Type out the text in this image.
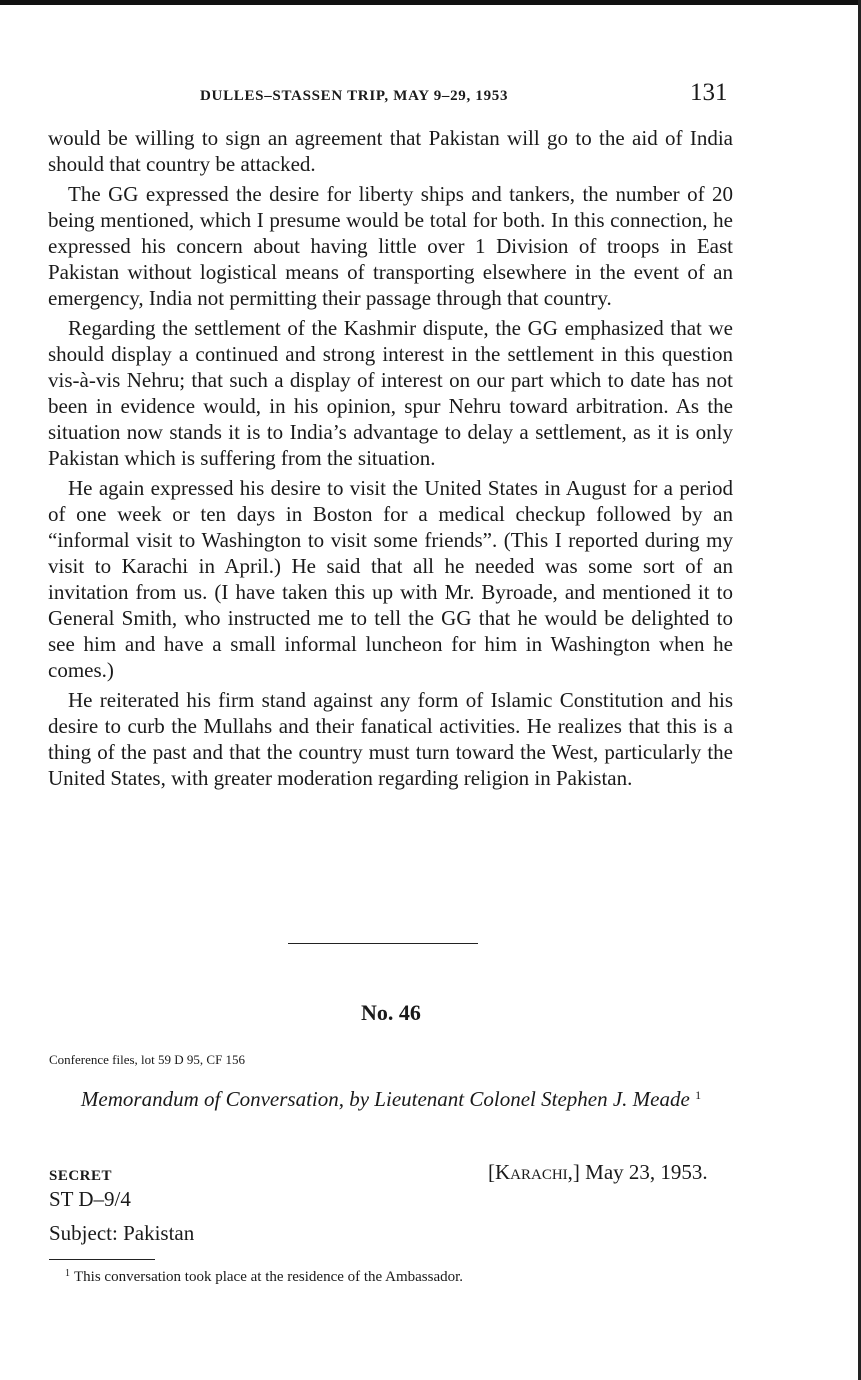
DULLES–STASSEN TRIP, MAY 9–29, 1953	131

would be willing to sign an agreement that Pakistan will go to the aid of India should that country be attacked.

The GG expressed the desire for liberty ships and tankers, the number of 20 being mentioned, which I presume would be total for both. In this connection, he expressed his concern about having little over 1 Division of troops in East Pakistan without logistical means of transporting elsewhere in the event of an emergency, India not permitting their passage through that country.

Regarding the settlement of the Kashmir dispute, the GG emphasized that we should display a continued and strong interest in the settlement in this question vis-à-vis Nehru; that such a display of interest on our part which to date has not been in evidence would, in his opinion, spur Nehru toward arbitration. As the situation now stands it is to India’s advantage to delay a settlement, as it is only Pakistan which is suffering from the situation.

He again expressed his desire to visit the United States in August for a period of one week or ten days in Boston for a medical checkup followed by an “informal visit to Washington to visit some friends”. (This I reported during my visit to Karachi in April.) He said that all he needed was some sort of an invitation from us. (I have taken this up with Mr. Byroade, and mentioned it to General Smith, who instructed me to tell the GG that he would be delighted to see him and have a small informal luncheon for him in Washington when he comes.)

He reiterated his firm stand against any form of Islamic Constitution and his desire to curb the Mullahs and their fanatical activities. He realizes that this is a thing of the past and that the country must turn toward the West, particularly the United States, with greater moderation regarding religion in Pakistan.

No. 46
Conference files, lot 59 D 95, CF 156
Memorandum of Conversation, by Lieutenant Colonel Stephen J. Meade $^1$
SECRET	[Karachi,] May 23, 1953.
ST D–9/4
Subject: Pakistan
$^1$ This conversation took place at the residence of the Ambassador.
